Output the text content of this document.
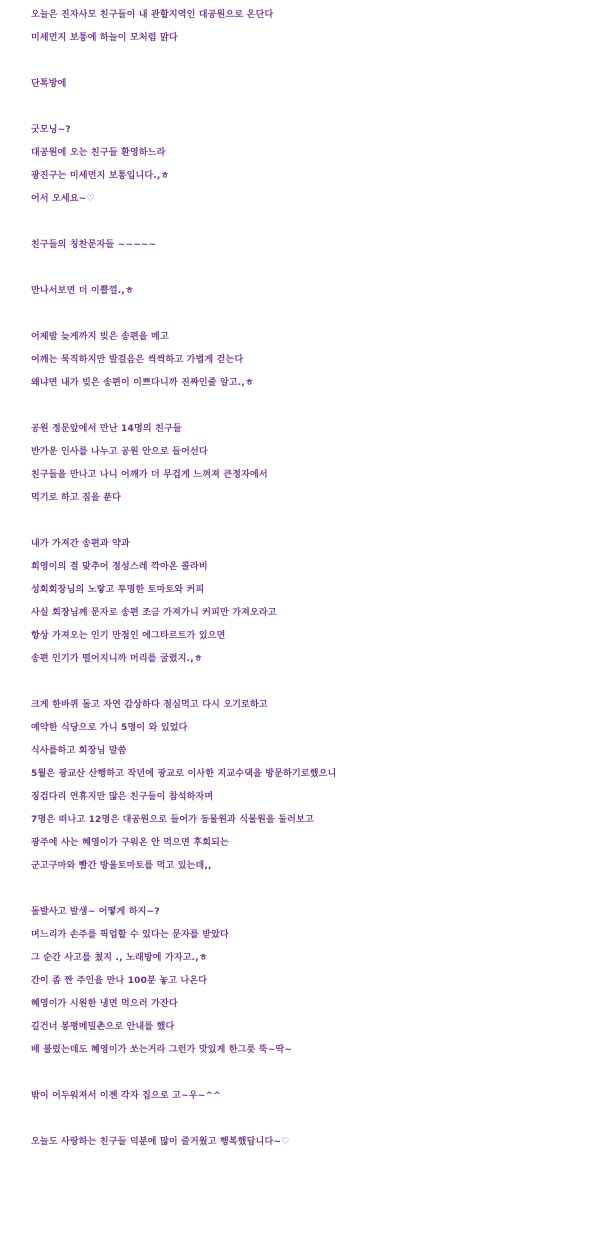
오늘은 진자사모 친구들이 내 관할지역인 대공원으로 온단다
미세먼지 보통에 하늘이 모처럼 맑다
단톡방에
굿모닝~?
대공원에 오는 친구들 환영하느라
광진구는 미세먼지 보통입니다.,ㅎ
어서 오세요~♡
친구들의 칭찬문자들 ~~~~~
만나서보면 더 이쁠껄.,ㅎ
어제밤 늦게까지 빚은 송편을 메고
어깨는 묵직하지만 발걸음은 씩씩하고 가볍게 걷는다
왜냐면 내가 빚은 송편이 이쁘다니까 진짜인줄 알고.,ㅎ
공원 정문앞에서 만난 14명의 친구들
반가운 인사를 나누고 공원 안으로 들어선다
친구들을 만나고 나니 어깨가 더 무겁게 느껴져 큰정자에서
먹기로 하고 짐을 푼다
내가 가져간 송편과 약과
희영이의 결 맞추어 정성스레 깍아온 콜라비
성희회장님의 노랗고 투명한 토마토와 커피
사실 회장님께 문자로 송편 조금 가져가니 커피만 가져오라고
항상 가져오는 인기 만점인 에그타르트가 있으면
송편 인기가 떨어지니까 머리를 굴렸지.,ㅎ
크게 한바퀴 돌고 자연 감상하다 점심먹고 다시 오기로하고
예약한 식당으로 가니 5명이 와 있었다
식사를하고 회장님 말씀
5월은 광교산 산행하고 작년에 광교로 이사한 지교수댁을 방문하기로했으니
징검다리 연휴지만 많은 친구들이 참석하자며
7명은 떠나고 12명은 대공원으로 들어가 동물원과 식물원을 둘러보고
광주에 사는 혜영이가 구워온 안 먹으면 후회되는
군고구마와 빨간 방울토마토를 먹고 있는데,,
돌발사고 발생~ 어떻게 하지~?
며느리가 손주를 픽업할 수 있다는 문자를 받았다
그 순간 사고를 쳤지 ., 노래방에 가자고.,ㅎ
간이 좀 짠 주인을 만나 100분 놓고 나온다
혜영이가 시원한 냉면 먹으러 가잔다
길건너 봉평메밀촌으로 안내를 했다
배 불렀는데도 혜영이가 쏘는거라 그런가 맛있게 한그릇 뚝~딱~
밖이 어두워져서 이젠 각자 집으로 고~우~^^
오늘도 사랑하는 친구들 덕분에 많이 즐거웠고 행복했답니다~♡
